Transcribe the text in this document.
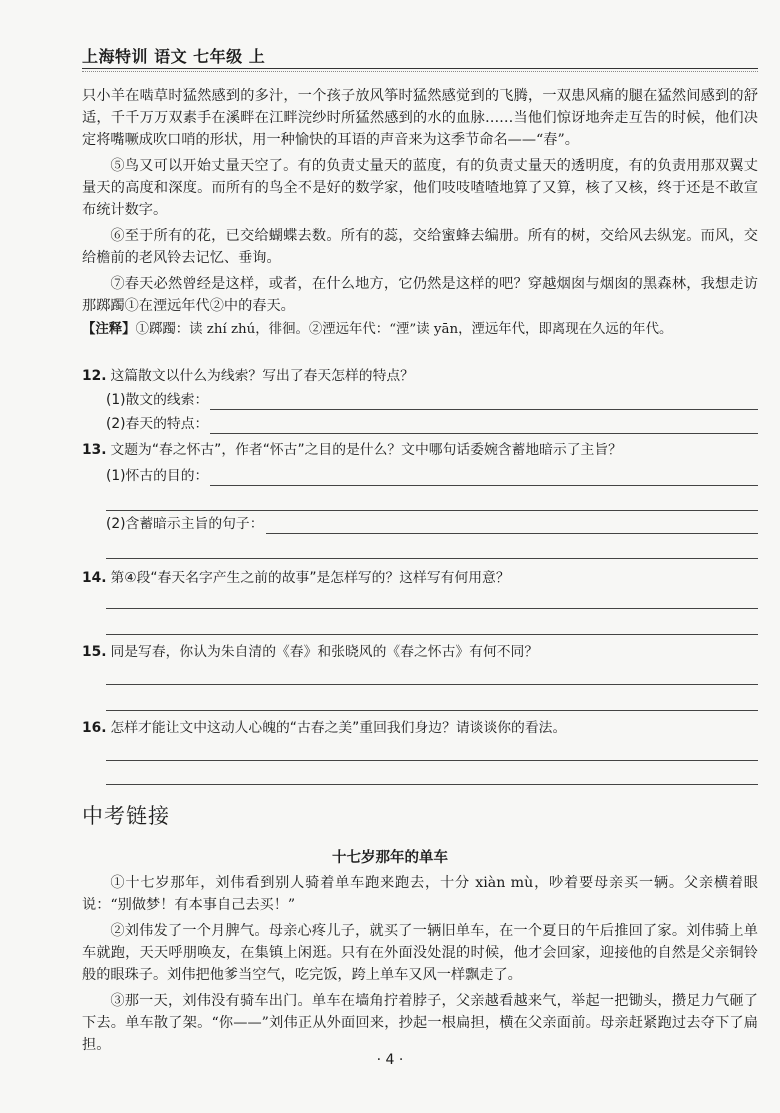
上海特训 语文 七年级 上

只小羊在啮草时猛然感到的多汁，一个孩子放风筝时猛然感觉到的飞腾，一双患风痛的腿在猛然间感到的舒适，千千万万双素手在溪畔在江畔浣纱时所猛然感到的水的血脉……当他们惊讶地奔走互告的时候，他们决定将嘴噘成吹口哨的形状，用一种愉快的耳语的声音来为这季节命名——“春”。

⑤鸟又可以开始丈量天空了。有的负责丈量天的蓝度，有的负责丈量天的透明度，有的负责用那双翼丈量天的高度和深度。而所有的鸟全不是好的数学家，他们吱吱喳喳地算了又算，核了又核，终于还是不敢宣布统计数字。

⑥至于所有的花，已交给蝴蝶去数。所有的蕊，交给蜜蜂去编册。所有的树，交给风去纵宠。而风，交给檐前的老风铃去记忆、垂询。

⑦春天必然曾经是这样，或者，在什么地方，它仍然是这样的吧？穿越烟囱与烟囱的黑森林，我想走访那踯躅①在湮远年代②中的春天。

【注释】①踯躅：读 zhí zhú，徘徊。②湮远年代：“湮”读 yān，湮远年代，即离现在久远的年代。

12. 这篇散文以什么为线索？写出了春天怎样的特点？
(1)散文的线索：
(2)春天的特点：
13. 文题为“春之怀古”，作者“怀古”之目的是什么？文中哪句话委婉含蓄地暗示了主旨？
(1)怀古的目的：
(2)含蓄暗示主旨的句子：
14. 第④段“春天名字产生之前的故事”是怎样写的？这样写有何用意？
15. 同是写春，你认为朱自清的《春》和张晓风的《春之怀古》有何不同？
16. 怎样才能让文中这动人心魄的“古春之美”重回我们身边？请谈谈你的看法。
中考链接
十七岁那年的单车

①十七岁那年，刘伟看到别人骑着单车跑来跑去，十分 xiàn mù，吵着要母亲买一辆。父亲横着眼说：“别做梦！有本事自己去买！”

②刘伟发了一个月脾气。母亲心疼儿子，就买了一辆旧单车，在一个夏日的午后推回了家。刘伟骑上单车就跑，天天呼朋唤友，在集镇上闲逛。只有在外面没处混的时候，他才会回家，迎接他的自然是父亲铜铃般的眼珠子。刘伟把他爹当空气，吃完饭，跨上单车又风一样飘走了。

③那一天，刘伟没有骑车出门。单车在墙角拧着脖子，父亲越看越来气，举起一把锄头，攒足力气砸了下去。单车散了架。“你——”刘伟正从外面回来，抄起一根扁担，横在父亲面前。母亲赶紧跑过去夺下了扁担。

· 4 ·
